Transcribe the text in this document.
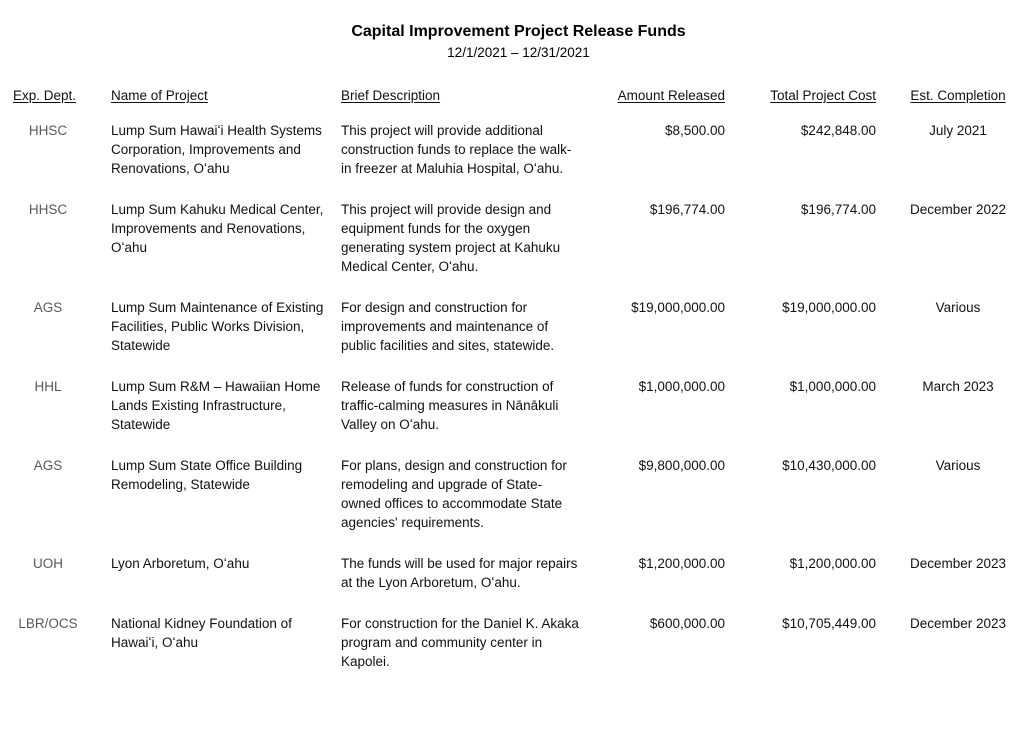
Capital Improvement Project Release Funds
12/1/2021 – 12/31/2021
Exp. Dept.	Name of Project	Brief Description	Amount Released	Total Project Cost	Est. Completion
HHSC	Lump Sum Hawaiʻi Health Systems Corporation, Improvements and Renovations, Oʻahu	This project will provide additional construction funds to replace the walk-in freezer at Maluhia Hospital, Oʻahu.	$8,500.00	$242,848.00	July 2021
HHSC	Lump Sum Kahuku Medical Center, Improvements and Renovations, Oʻahu	This project will provide design and equipment funds for the oxygen generating system project at Kahuku Medical Center, Oʻahu.	$196,774.00	$196,774.00	December 2022
AGS	Lump Sum Maintenance of Existing Facilities, Public Works Division, Statewide	For design and construction for improvements and maintenance of public facilities and sites, statewide.	$19,000,000.00	$19,000,000.00	Various
HHL	Lump Sum R&M – Hawaiian Home Lands Existing Infrastructure, Statewide	Release of funds for construction of traffic-calming measures in Nānākuli Valley on Oʻahu.	$1,000,000.00	$1,000,000.00	March 2023
AGS	Lump Sum State Office Building Remodeling, Statewide	For plans, design and construction for remodeling and upgrade of State-owned offices to accommodate State agencies' requirements.	$9,800,000.00	$10,430,000.00	Various
UOH	Lyon Arboretum, Oʻahu	The funds will be used for major repairs at the Lyon Arboretum, Oʻahu.	$1,200,000.00	$1,200,000.00	December 2023
LBR/OCS	National Kidney Foundation of Hawaiʻi, Oʻahu	For construction for the Daniel K. Akaka program and community center in Kapolei.	$600,000.00	$10,705,449.00	December 2023
